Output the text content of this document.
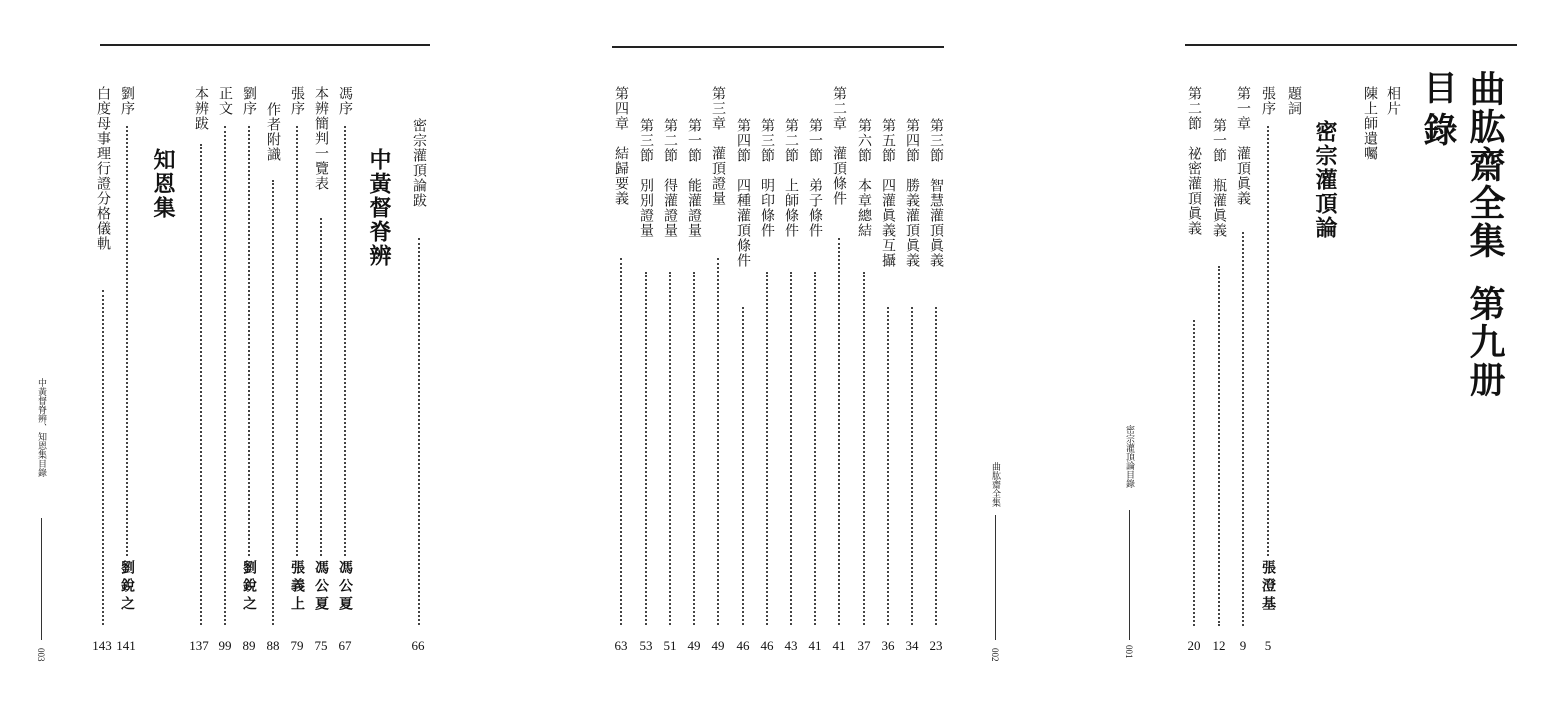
曲肱齋全集
第九册
目錄
相片
陳上師遺囑
密宗灌頂論
題詞
張序
張澄基
5
第一章　灌頂眞義
9
第一節　瓶灌眞義
12
第二節　祕密灌頂眞義
20
密宗灌頂論目錄
001
第三節　智慧灌頂眞義
23
第四節　勝義灌頂眞義
34
第五節　四灌眞義互攝
36
第六節　本章總結
37
第二章　灌頂條件
41
第一節　弟子條件
41
第二節　上師條件
43
第三節　明印條件
46
第四節　四種灌頂條件
46
第三章　灌頂證量
49
第一節　能灌證量
49
第二節　得灌證量
51
第三節　別別證量
53
第四章　結歸要義
63
曲肱齋全集
002
密宗灌頂論跋
66
中黃督脊辨
馮序
馮公夏
67
本辨簡判一覽表
馮公夏
75
張序
張義上
79
作者附識
88
劉序
劉銳之
89
正文
99
本辨跋
137
知恩集
劉序
劉銳之
141
白度母事理行證分格儀軌
143
中黃督脊辨、知恩集目錄
003
